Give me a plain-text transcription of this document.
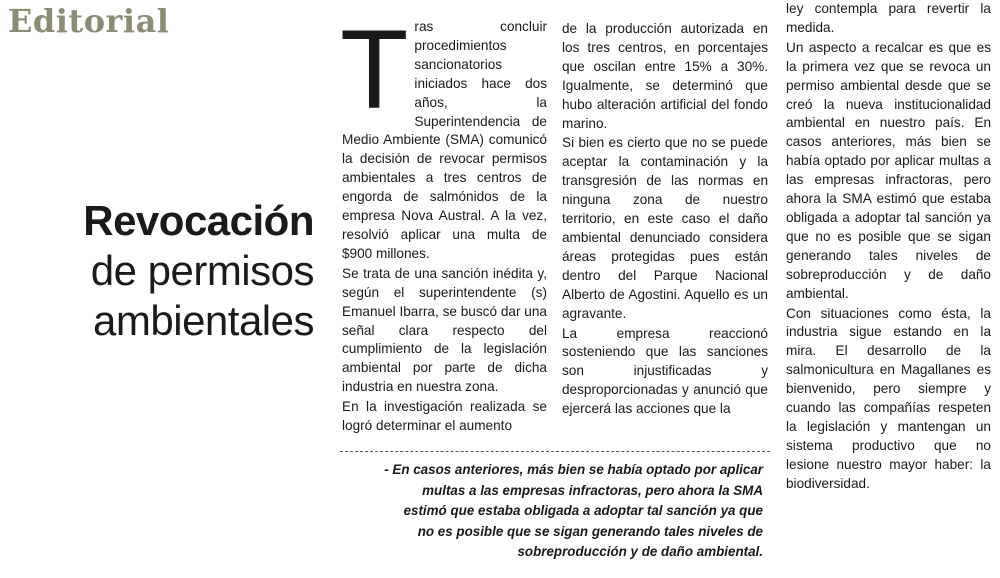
Editorial
Revocación
de permisos
ambientales
T ras concluir procedimientos sancionatorios iniciados hace dos años, la Superintendencia de Medio Ambiente (SMA) comunicó la decisión de revocar permisos ambientales a tres centros de engorda de salmónidos de la empresa Nova Austral. A la vez, resolvió aplicar una multa de $900 millones.

Se trata de una sanción inédita y, según el superintendente (s) Emanuel Ibarra, se buscó dar una señal clara respecto del cumplimiento de la legislación ambiental por parte de dicha industria en nuestra zona.

En la investigación realizada se logró determinar el aumento

de la producción autorizada en los tres centros, en porcentajes que oscilan entre 15% a 30%. Igualmente, se determinó que hubo alteración artificial del fondo marino.

Si bien es cierto que no se puede aceptar la contaminación y la transgresión de las normas en ninguna zona de nuestro territorio, en este caso el daño ambiental denunciado considera áreas protegidas pues están dentro del Parque Nacional Alberto de Agostini. Aquello es un agravante.

La empresa reaccionó sosteniendo que las sanciones son injustificadas y desproporcionadas y anunció que ejercerá las acciones que la

ley contempla para revertir la medida.

Un aspecto a recalcar es que es la primera vez que se revoca un permiso ambiental desde que se creó la nueva institucionalidad ambiental en nuestro país. En casos anteriores, más bien se había optado por aplicar multas a las empresas infractoras, pero ahora la SMA estimó que estaba obligada a adoptar tal sanción ya que no es posible que se sigan generando tales niveles de sobreproducción y de daño ambiental.

Con situaciones como ésta, la industria sigue estando en la mira. El desarrollo de la salmonicultura en Magallanes es bienvenido, pero siempre y cuando las compañías respeten la legislación y mantengan un sistema productivo que no lesione nuestro mayor haber: la biodiversidad.

- En casos anteriores, más bien se había optado por aplicar
multas a las empresas infractoras, pero ahora la SMA
estimó que estaba obligada a adoptar tal sanción ya que
no es posible que se sigan generando tales niveles de
sobreproducción y de daño ambiental.
